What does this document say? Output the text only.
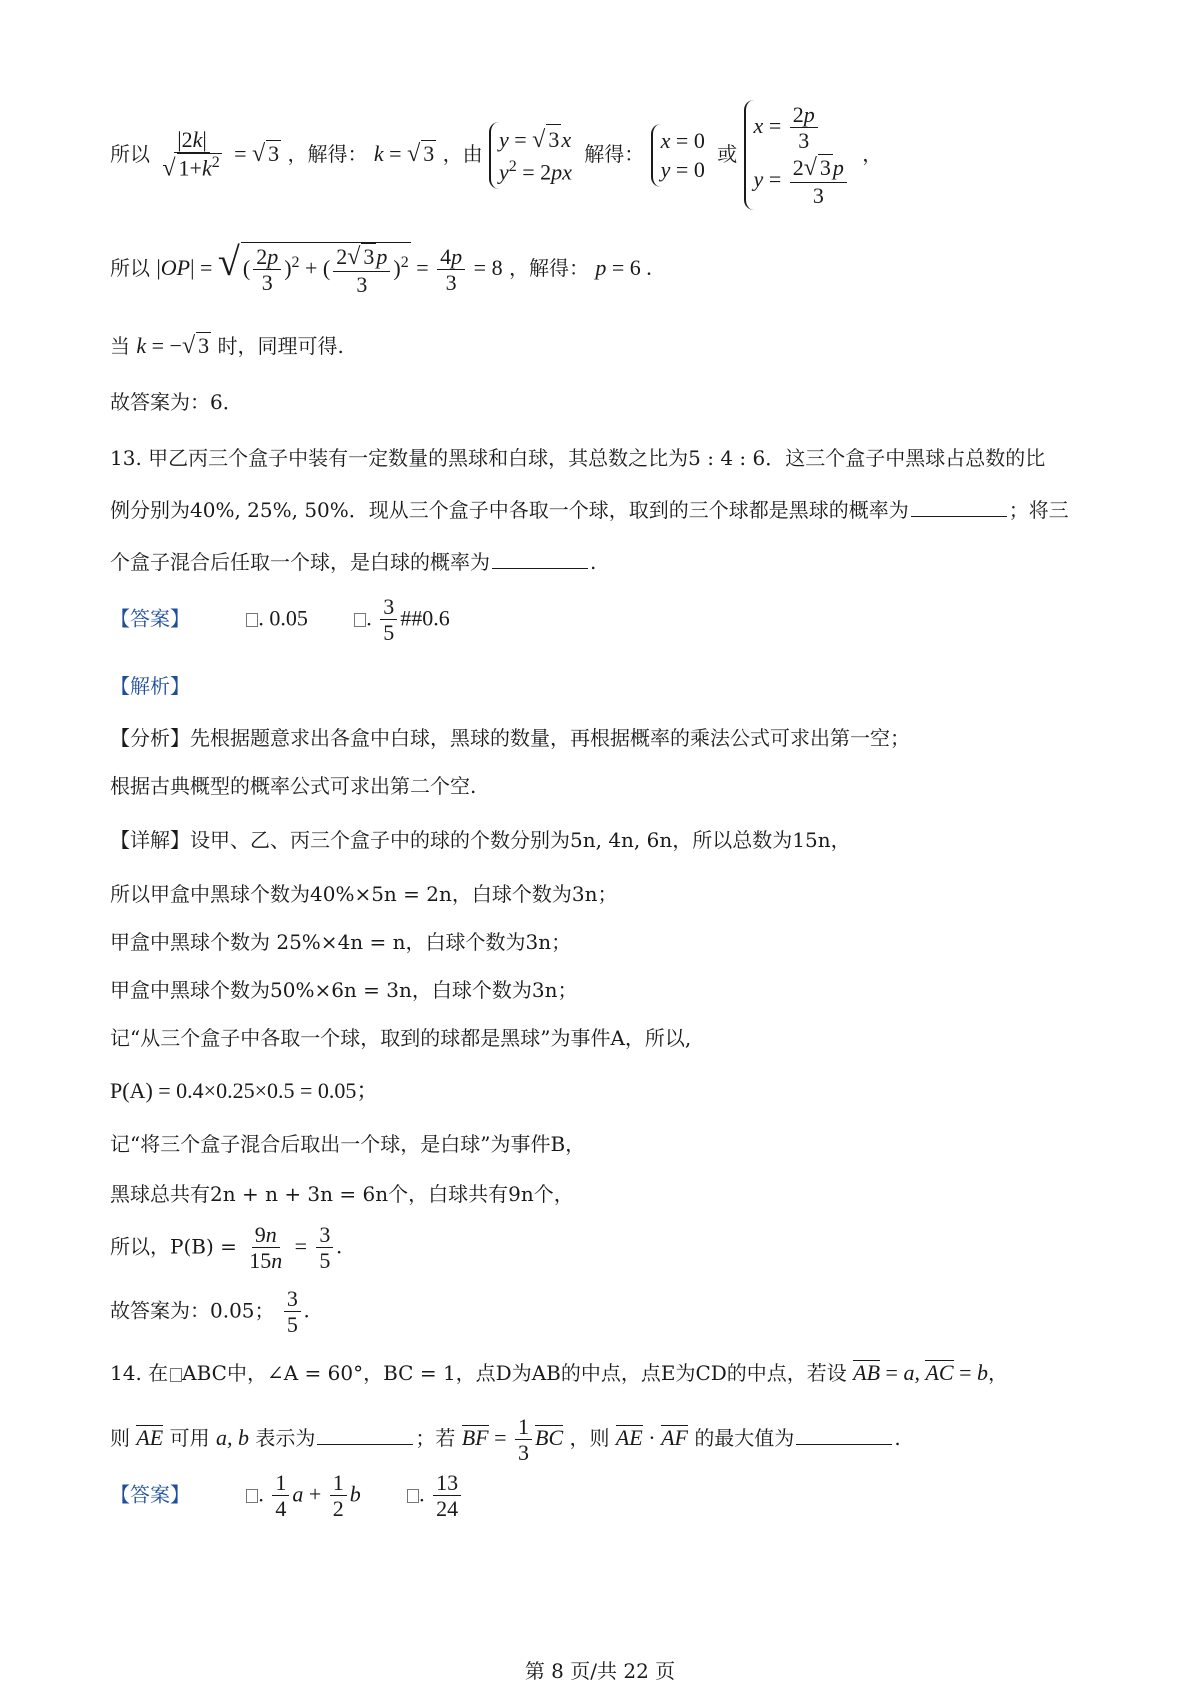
所以 $\frac{|2k|}{√ 1+k^2}$ = √ 3 ，解得： k = √ 3 ，由
y = √ 3x
$y^2 = 2px$
解得：
x = 0
y = 0
或
$x = \frac{2p}{3}$
$y = \frac{2√ 3p}{3}$ ，
所以 |OP| = √ ( $\frac{2p}{3} )^2$ + ( $\frac{2√ 3p}{3} )^2 = \frac{4p}{3} = 8$ ，解得： p = 6 .
当 k = −√ 3 时，同理可得.
故答案为：6．
13. 甲乙丙三个盒子中装有一定数量的黑球和白球，其总数之比为5 : 4 : 6．这三个盒子中黑球占总数的比
例分别为40%, 25%, 50%．现从三个盒子中各取一个球，取到的三个球都是黑球的概率为	；将三
个盒子混合后任取一个球，是白球的概率为	.
【答案】	. 0.05	. $\frac{3}{5}$ ##0.6
【解析】
【分析】先根据题意求出各盒中白球，黑球的数量，再根据概率的乘法公式可求出第一空；
根据古典概型的概率公式可求出第二个空.
【详解】设甲、乙、丙三个盒子中的球的个数分别为5n, 4n, 6n，所以总数为15n，
所以甲盒中黑球个数为40%×5n = 2n，白球个数为3n；
甲盒中黑球个数为 25%×4n = n，白球个数为3n；
甲盒中黑球个数为50%×6n = 3n，白球个数为3n；
记“从三个盒子中各取一个球，取到的球都是黑球”为事件A，所以,
P(A) = 0.4×0.25×0.5 = 0.05；
记“将三个盒子混合后取出一个球，是白球”为事件B，
黑球总共有2n + n + 3n = 6n个，白球共有9n个，
所以，$P(B) = \frac{9n}{15n} = \frac{3}{5}$ .
故答案为：0.05； $\frac{3}{5}$ .
14. 在 ABC中，∠A = 60°，BC = 1，点D为AB的中点，点E为CD的中点，若设 AB = a, AC = b，
则 AE 可用 a, b 表示为	；若 BF = $\frac{1}{3}$ BC ，则 AE · AF 的最大值为	.
【答案】	. $\frac{1}{4}$ $a + \frac{1}{2}$ b	. $\frac{13}{24}$
第 8 页/共 22 页
